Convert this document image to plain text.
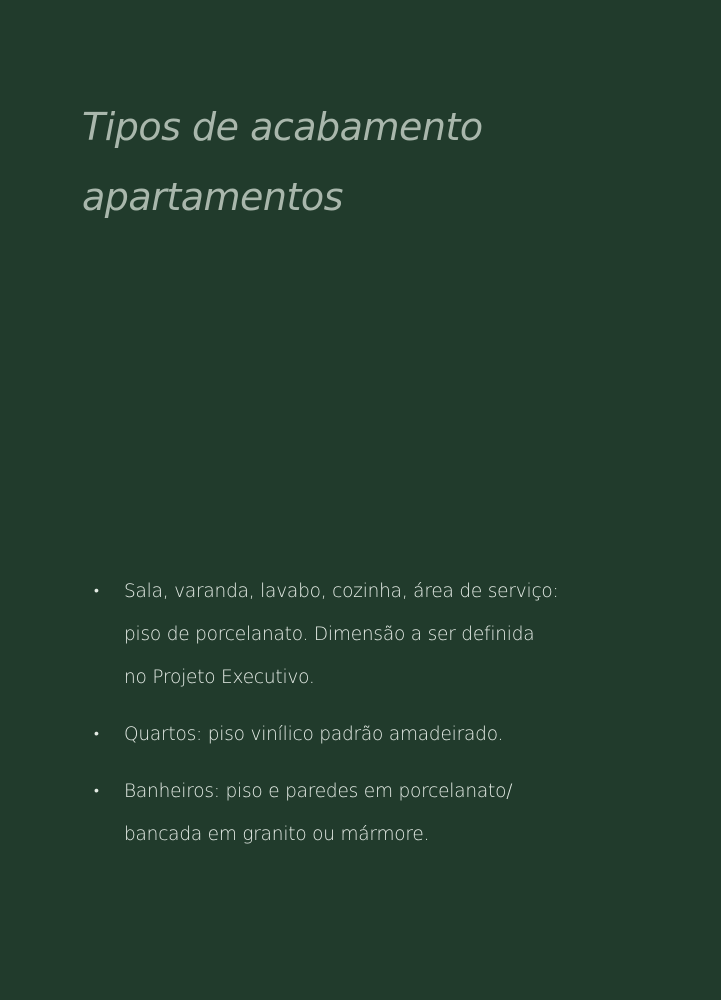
Tipos de acabamento
apartamentos
• Sala, varanda, lavabo, cozinha, área de serviço:
piso de porcelanato. Dimensão a ser definida
no Projeto Executivo.
• Quartos: piso vinílico padrão amadeirado.
• Banheiros: piso e paredes em porcelanato/
bancada em granito ou mármore.
